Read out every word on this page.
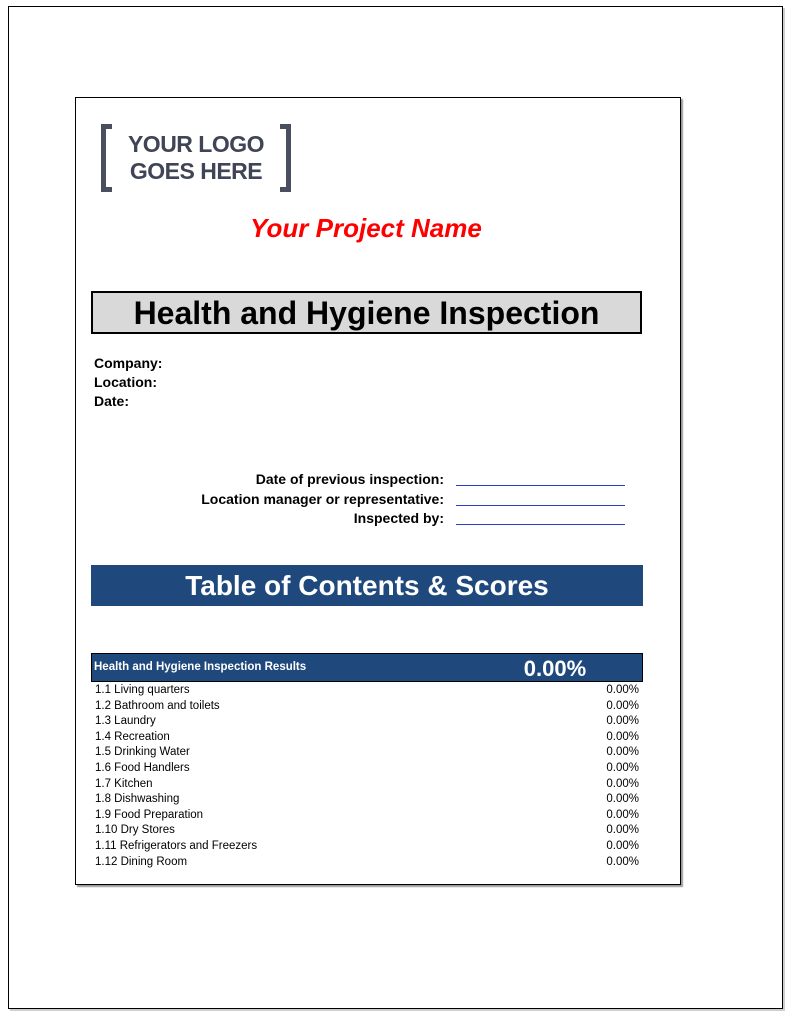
YOUR LOGO
GOES HERE
Your Project Name
Health and Hygiene Inspection
Company:
Location:
Date:
Date of previous inspection:
Location manager or representative:
Inspected by:
Table of Contents & Scores
Health and Hygiene Inspection Results	0.00%
1.1 Living quarters	0.00%
1.2 Bathroom and toilets	0.00%
1.3 Laundry	0.00%
1.4 Recreation	0.00%
1.5 Drinking Water	0.00%
1.6 Food Handlers	0.00%
1.7 Kitchen	0.00%
1.8 Dishwashing	0.00%
1.9 Food Preparation	0.00%
1.10 Dry Stores	0.00%
1.11 Refrigerators and Freezers	0.00%
1.12 Dining Room	0.00%
